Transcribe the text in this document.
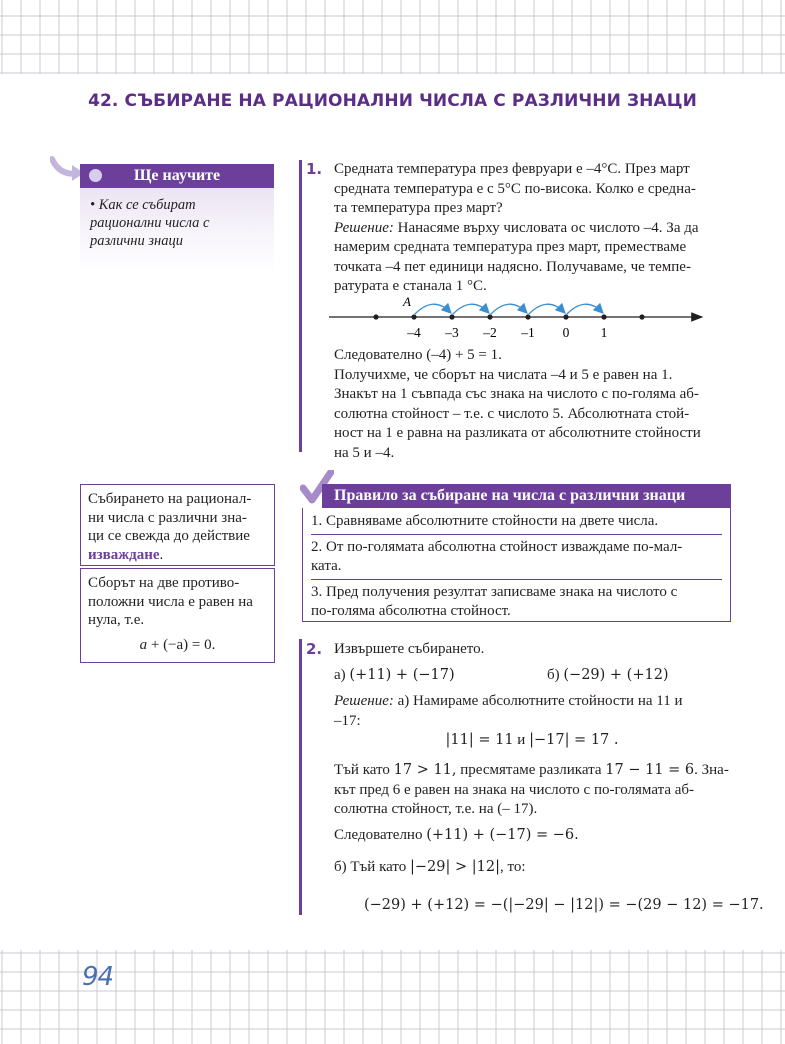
42. СЪБИРАНЕ НА РАЦИОНАЛНИ ЧИСЛА С РАЗЛИЧНИ ЗНАЦИ
Ще научите
• Как се събират
рационални числа с
различни знаци
1. Средната температура през февруари е –4°C. През март
средната температура е с 5°C по-висока. Колко е средна-
та температура през март?
Решение: Нанасяме върху числовата ос числото –4. За да
намерим средната температура през март, преместваме
точката –4 пет единици надясно. Получаваме, че темпе-
ратурата е станала 1 °C.
A
–4 –3 –2 –1 0 1
Следователно (–4) + 5 = 1.
Получихме, че сборът на числата –4 и 5 е равен на 1.
Знакът на 1 съвпада със знака на числото с по-голяма аб-
солютна стойност – т.е. с числото 5. Абсолютната стой-
ност на 1 е равна на разликата от абсолютните стойности
на 5 и –4.
Събирането на рационал-
ни числа с различни зна-
ци се свежда до действие
изваждане.
Сборът на две противо-
положни числа е равен на
нула, т.е.
a + (−a) = 0.
Правило за събиране на числа с различни знаци

1. Сравняваме абсолютните стойности на двете числа.

2. От по-голямата абсолютна стойност изваждаме по-мал-

ката.

3. Пред получения резултат записваме знака на числото с

по-голяма абсолютна стойност.

2. Извършете събирането.
а) (+11) + (−17)	б) (−29) + (+12)
Решение: а) Намираме абсолютните стойности на 11 и
–17:
|11| = 11 и |−17| = 17 .
Тъй като 17 > 11, пресмятаме разликата 17 − 11 = 6. Зна-
кът пред 6 е равен на знака на числото с по-голямата аб-
солютна стойност, т.е. на (– 17).
Следователно (+11) + (−17) = −6.
б) Тъй като |−29| > |12|, то:
(−29) + (+12) = −(|−29| − |12|) = −(29 − 12) = −17.
94
